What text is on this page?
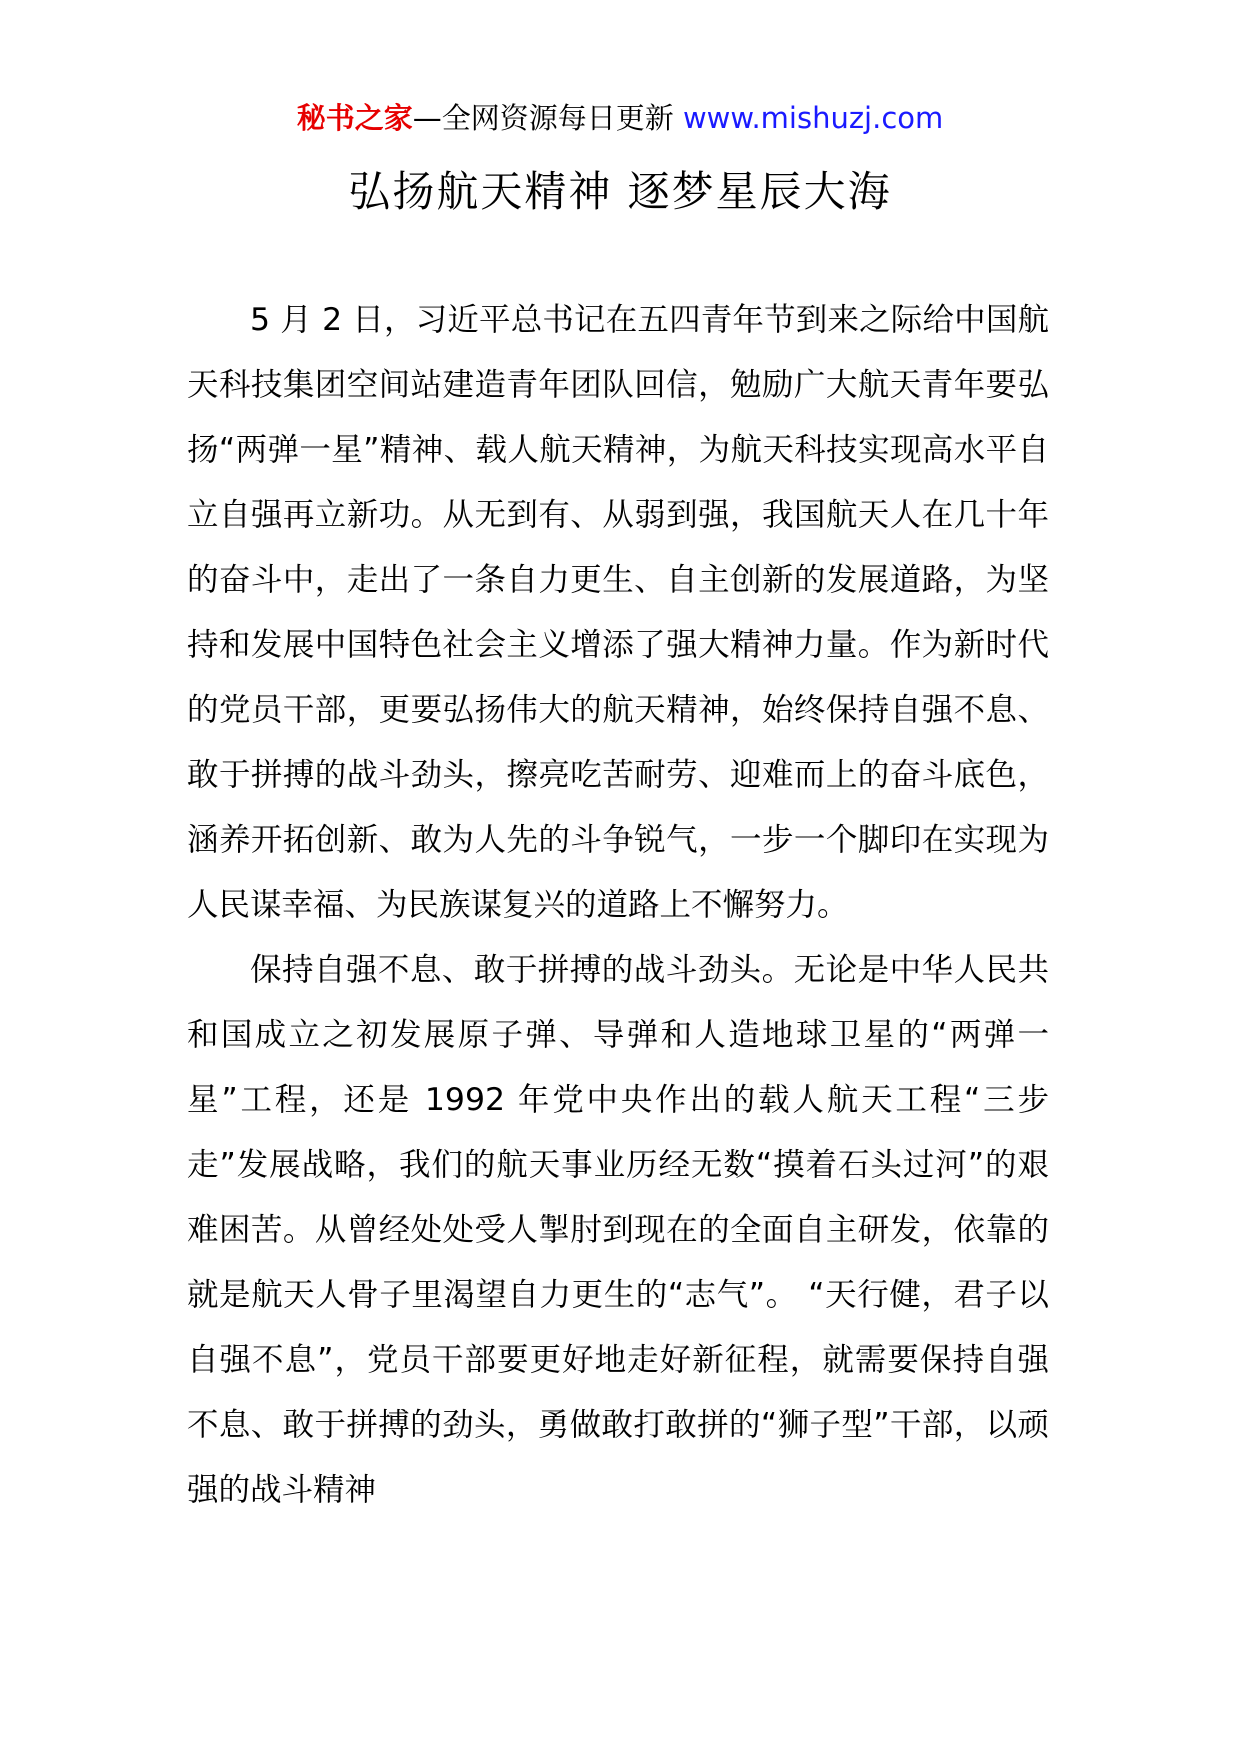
秘书之家—全网资源每日更新 www.mishuzj.com
弘扬航天精神 逐梦星辰大海

5 月 2 日，习近平总书记在五四青年节到来之际给中国航天科技集团空间站建造青年团队回信，勉励广大航天青年要弘扬“两弹一星”精神、载人航天精神，为航天科技实现高水平自立自强再立新功。从无到有、从弱到强，我国航天人在几十年的奋斗中，走出了一条自力更生、自主创新的发展道路，为坚持和发展中国特色社会主义增添了强大精神力量。作为新时代的党员干部，更要弘扬伟大的航天精神，始终保持自强不息、敢于拼搏的战斗劲头，擦亮吃苦耐劳、迎难而上的奋斗底色，涵养开拓创新、敢为人先的斗争锐气，一步一个脚印在实现为人民谋幸福、为民族谋复兴的道路上不懈努力。

保持自强不息、敢于拼搏的战斗劲头。无论是中华人民共和国成立之初发展原子弹、导弹和人造地球卫星的“两弹一星”工程，还是 1992 年党中央作出的载人航天工程“三步走”发展战略，我们的航天事业历经无数“摸着石头过河”的艰难困苦。从曾经处处受人掣肘到现在的全面自主研发，依靠的就是航天人骨子里渴望自力更生的“志气”。 “天行健，君子以自强不息”，党员干部要更好地走好新征程，就需要保持自强不息、敢于拼搏的劲头，勇做敢打敢拼的“狮子型”干部，以顽强的战斗精神
